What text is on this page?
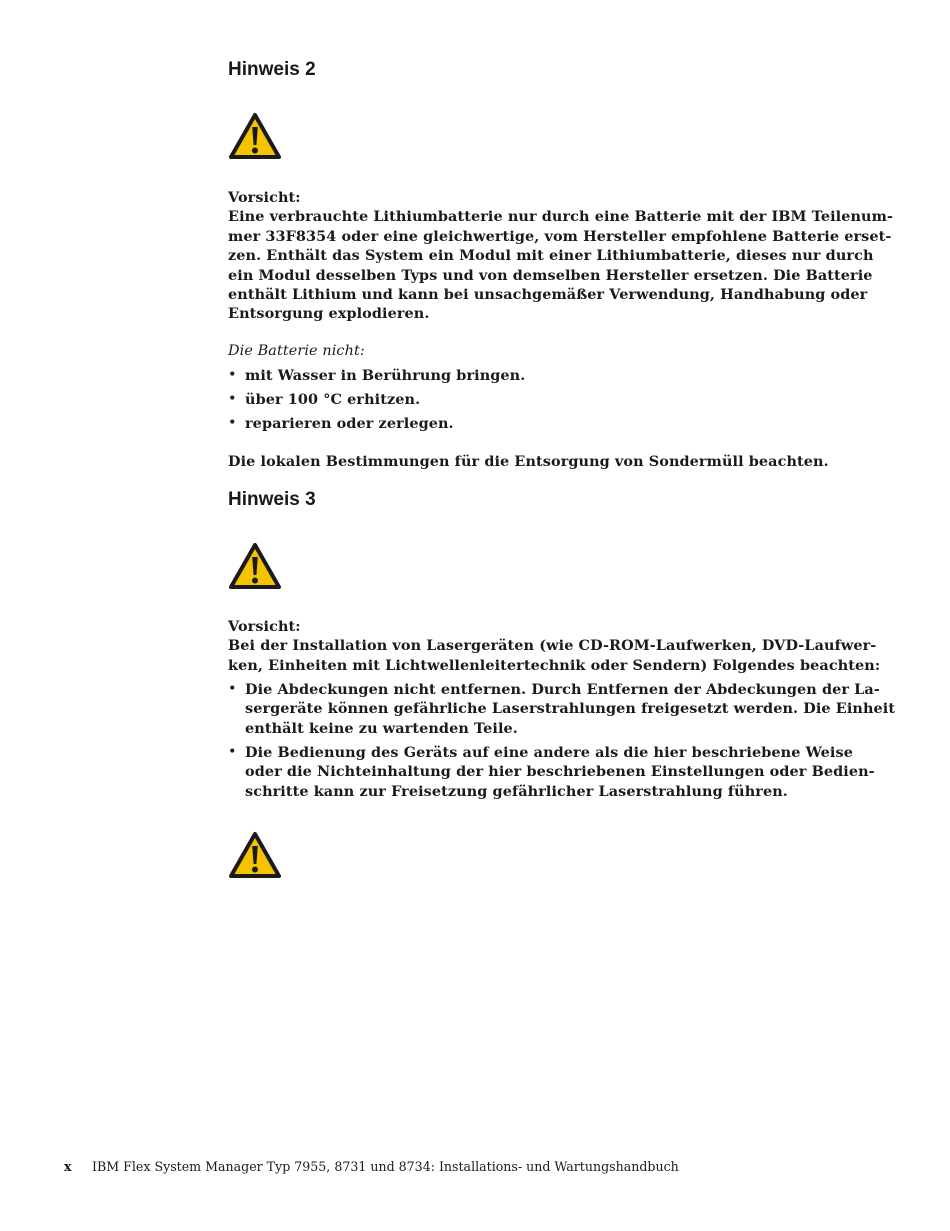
Hinweis 2
Vorsicht:
Eine verbrauchte Lithiumbatterie nur durch eine Batterie mit der IBM Teilenum-
mer 33F8354 oder eine gleichwertige, vom Hersteller empfohlene Batterie erset-
zen. Enthält das System ein Modul mit einer Lithiumbatterie, dieses nur durch
ein Modul desselben Typs und von demselben Hersteller ersetzen. Die Batterie
enthält Lithium und kann bei unsachgemäßer Verwendung, Handhabung oder
Entsorgung explodieren.
Die Batterie nicht:
• mit Wasser in Berührung bringen.
• über 100 °C erhitzen.
• reparieren oder zerlegen.
Die lokalen Bestimmungen für die Entsorgung von Sondermüll beachten.
Hinweis 3
Vorsicht:
Bei der Installation von Lasergeräten (wie CD-ROM-Laufwerken, DVD-Laufwer-
ken, Einheiten mit Lichtwellenleitertechnik oder Sendern) Folgendes beachten:
• Die Abdeckungen nicht entfernen. Durch Entfernen der Abdeckungen der La-
sergeräte können gefährliche Laserstrahlungen freigesetzt werden. Die Einheit
enthält keine zu wartenden Teile.
• Die Bedienung des Geräts auf eine andere als die hier beschriebene Weise
oder die Nichteinhaltung der hier beschriebenen Einstellungen oder Bedien-
schritte kann zur Freisetzung gefährlicher Laserstrahlung führen.
x IBM Flex System Manager Typ 7955, 8731 und 8734: Installations- und Wartungshandbuch
